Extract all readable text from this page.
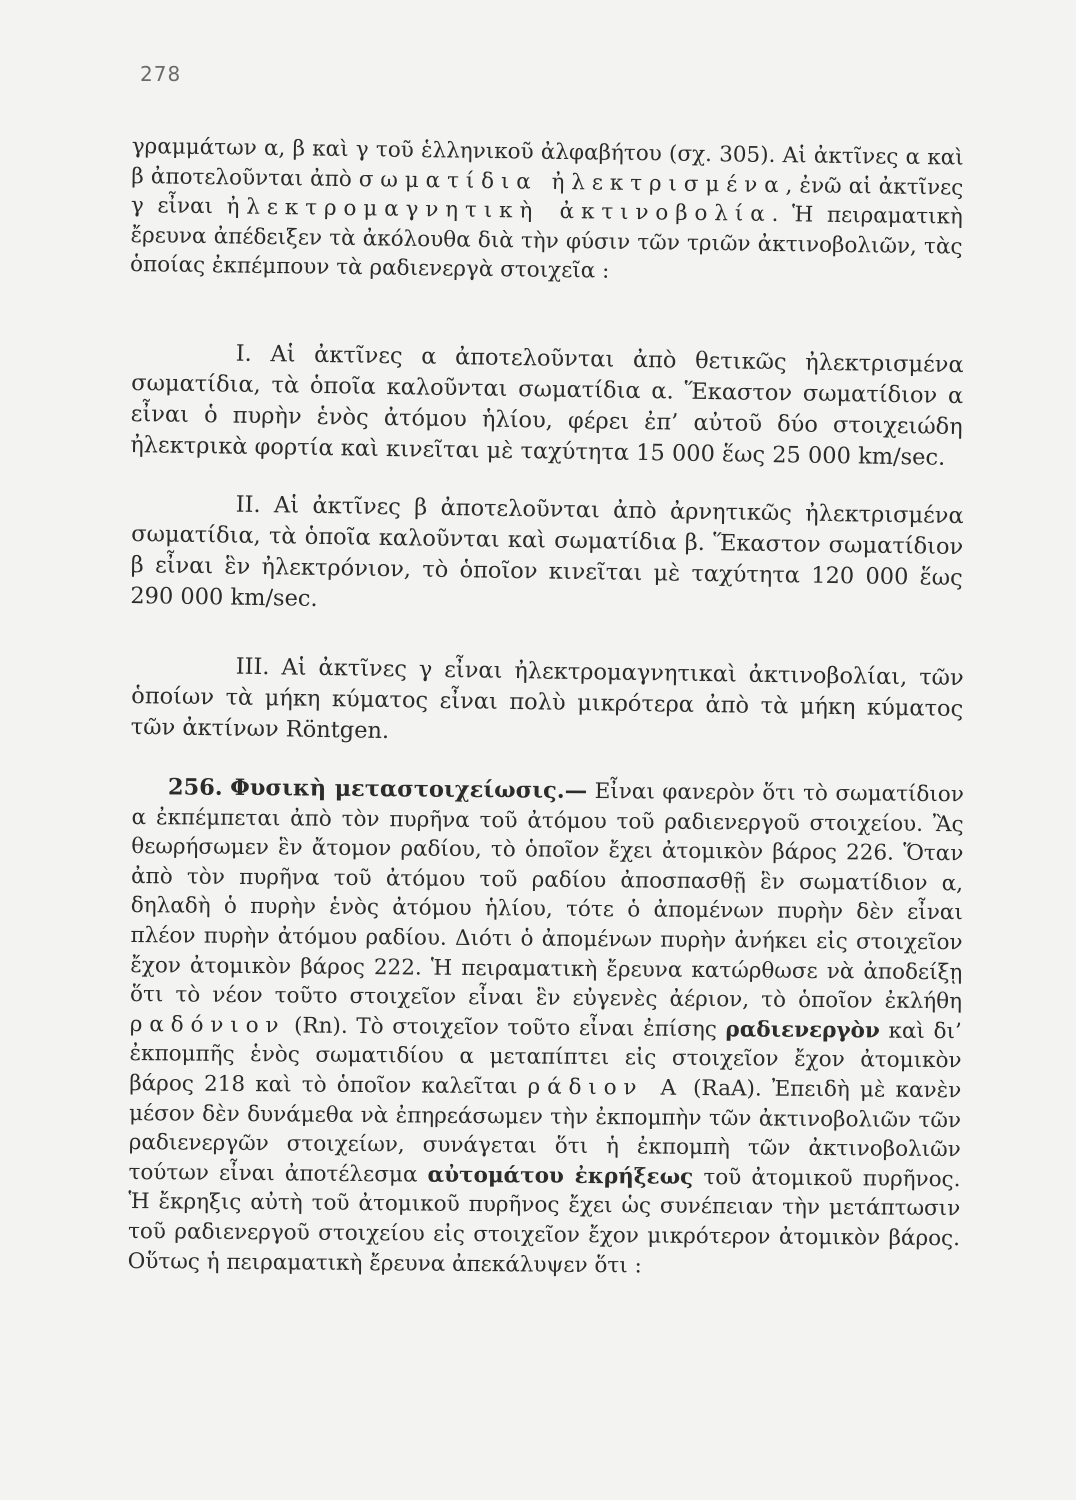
278
γραμμάτων α, β καὶ γ τοῦ ἑλληνικοῦ ἀλφαβήτου (σχ. 305). Αἱ ἀκτῖνες α καὶ β ἀποτελοῦνται ἀπὸ σωματίδια ἠλεκτρισμένα, ἐνῶ αἱ ἀκτῖνες γ εἶναι ἠλεκτρομαγνητικὴ ἀκτινοβολία. Ἡ πειραματικὴ ἔρευνα ἀπέδειξεν τὰ ἀκόλουθα διὰ τὴν φύσιν τῶν τριῶν ἀκτινοβολιῶν, τὰς ὁποίας ἐκπέμπουν τὰ ραδιενεργὰ στοιχεῖα :
Ι. Αἱ ἀκτῖνες α ἀποτελοῦνται ἀπὸ θετικῶς ἠλεκτρισμένα σωματίδια, τὰ ὁποῖα καλοῦνται σωματίδια α. Ἕκαστον σωματίδιον α εἶναι ὁ πυρὴν ἑνὸς ἀτόμου ἡλίου, φέρει ἐπ’ αὐτοῦ δύο στοιχειώδη ἠλεκτρικὰ φορτία καὶ κινεῖται μὲ ταχύτητα 15 000 ἕως 25 000 km/sec.
ΙΙ. Αἱ ἀκτῖνες β ἀποτελοῦνται ἀπὸ ἀρνητικῶς ἠλεκτρισμένα σωματίδια, τὰ ὁποῖα καλοῦνται καὶ σωματίδια β. Ἕκαστον σωματίδιον β εἶναι ἓν ἠλεκτρόνιον, τὸ ὁποῖον κινεῖται μὲ ταχύτητα 120 000 ἕως 290 000 km/sec.
ΙΙΙ. Αἱ ἀκτῖνες γ εἶναι ἠλεκτρομαγνητικαὶ ἀκτινοβολίαι, τῶν ὁποίων τὰ μήκη κύματος εἶναι πολὺ μικρότερα ἀπὸ τὰ μήκη κύματος τῶν ἀκτίνων Röntgen.
256. Φυσικὴ μεταστοιχείωσις.— Εἶναι φανερὸν ὅτι τὸ σωματίδιον α ἐκπέμπεται ἀπὸ τὸν πυρῆνα τοῦ ἀτόμου τοῦ ραδιενεργοῦ στοιχείου. Ἂς θεωρήσωμεν ἓν ἄτομον ραδίου, τὸ ὁποῖον ἔχει ἀτομικὸν βάρος 226. Ὅταν ἀπὸ τὸν πυρῆνα τοῦ ἀτόμου τοῦ ραδίου ἀποσπασθῇ ἓν σωματίδιον α, δηλαδὴ ὁ πυρὴν ἑνὸς ἀτόμου ἡλίου, τότε ὁ ἀπομένων πυρὴν δὲν εἶναι πλέον πυρὴν ἀτόμου ραδίου. Διότι ὁ ἀπομένων πυρὴν ἀνήκει εἰς στοιχεῖον ἔχον ἀτομικὸν βάρος 222. Ἡ πειραματικὴ ἔρευνα κατώρθωσε νὰ ἀποδείξῃ ὅτι τὸ νέον τοῦτο στοιχεῖον εἶναι ἓν εὐγενὲς ἀέριον, τὸ ὁποῖον ἐκλήθη ραδόνιον (Rn). Τὸ στοιχεῖον τοῦτο εἶναι ἐπίσης ραδιενεργὸν καὶ δι’ ἐκπομπῆς ἑνὸς σωματιδίου α μεταπίπτει εἰς στοιχεῖον ἔχον ἀτομικὸν βάρος 218 καὶ τὸ ὁποῖον καλεῖται ράδιον Α (RaA). Ἐπειδὴ μὲ κανὲν μέσον δὲν δυνάμεθα νὰ ἐπηρεάσωμεν τὴν ἐκπομπὴν τῶν ἀκτινοβολιῶν τῶν ραδιενεργῶν στοιχείων, συνάγεται ὅτι ἡ ἐκπομπὴ τῶν ἀκτινοβολιῶν τούτων εἶναι ἀποτέλεσμα αὐτομάτου ἐκρήξεως τοῦ ἀτομικοῦ πυρῆνος. Ἡ ἔκρηξις αὐτὴ τοῦ ἀτομικοῦ πυρῆνος ἔχει ὡς συνέπειαν τὴν μετάπτωσιν τοῦ ραδιενεργοῦ στοιχείου εἰς στοιχεῖον ἔχον μικρότερον ἀτομικὸν βάρος. Οὕτως ἡ πειραματικὴ ἔρευνα ἀπεκάλυψεν ὅτι :
